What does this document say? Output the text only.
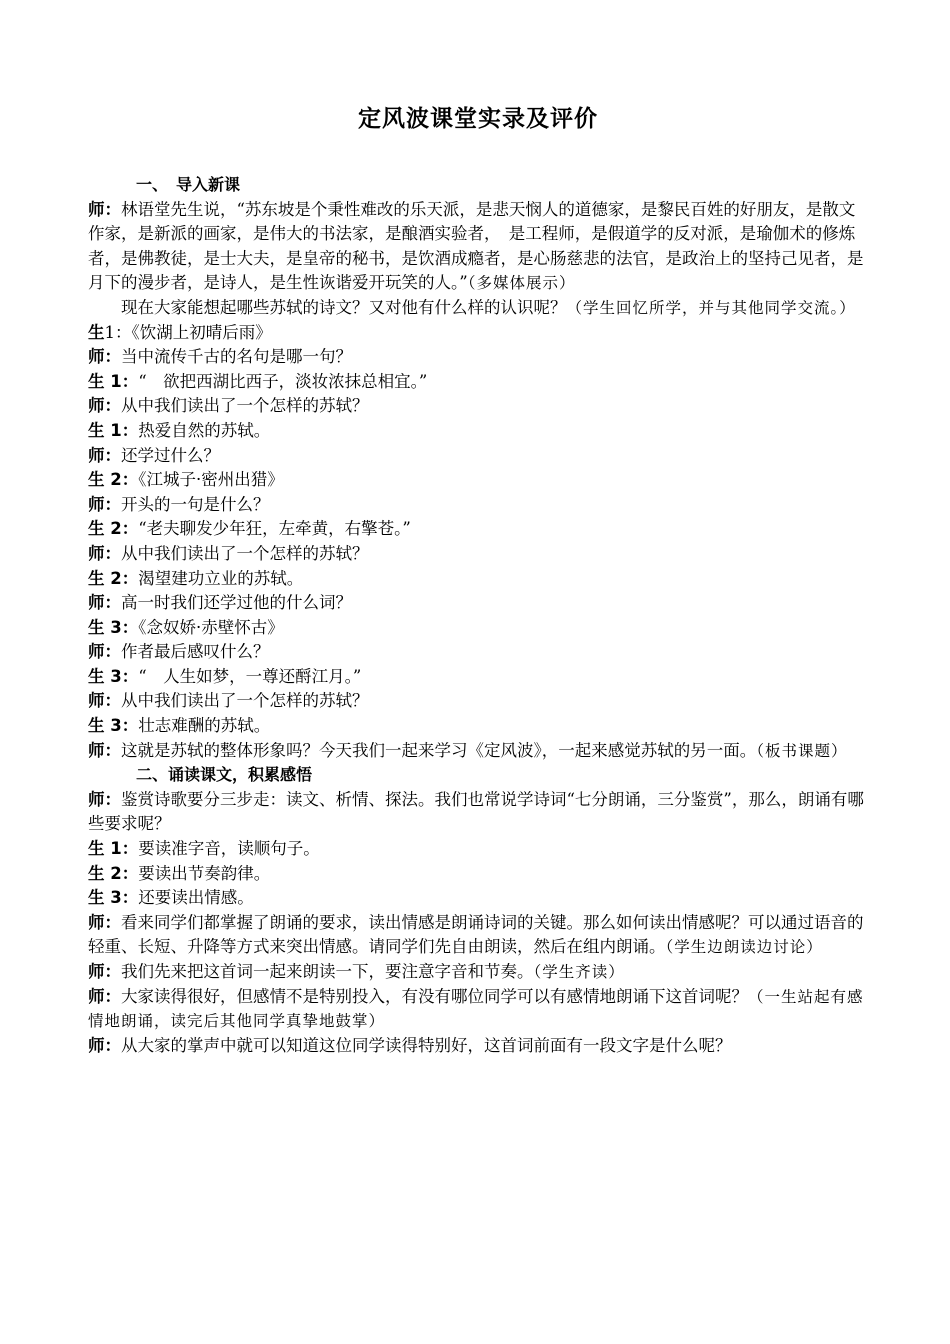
定风波课堂实录及评价

一、　导入新课

师：林语堂先生说，“苏东坡是个秉性难改的乐天派，是悲天悯人的道德家，是黎民百姓的好朋友，是散文作家，是新派的画家，是伟大的书法家，是酿酒实验者，　是工程师，是假道学的反对派，是瑜伽术的修炼者，是佛教徒，是士大夫，是皇帝的秘书，是饮酒成瘾者，是心肠慈悲的法官，是政治上的坚持己见者，是月下的漫步者，是诗人，是生性诙谐爱开玩笑的人。”（多媒体展示）

现在大家能想起哪些苏轼的诗文？又对他有什么样的认识呢？（学生回忆所学，并与其他同学交流。）

生1：《饮湖上初晴后雨》

师：当中流传千古的名句是哪一句？

生 1：“　欲把西湖比西子，淡妆浓抹总相宜。”

师：从中我们读出了一个怎样的苏轼？

生 1：热爱自然的苏轼。

师：还学过什么？

生 2：《江城子·密州出猎》

师：开头的一句是什么？

生 2：“老夫聊发少年狂，左牵黄，右擎苍。”

师：从中我们读出了一个怎样的苏轼？

生 2：渴望建功立业的苏轼。

师：高一时我们还学过他的什么词？

生 3：《念奴娇·赤壁怀古》

师：作者最后感叹什么？

生 3：“　人生如梦，一尊还酹江月。”

师：从中我们读出了一个怎样的苏轼？

生 3：壮志难酬的苏轼。

师：这就是苏轼的整体形象吗？今天我们一起来学习《定风波》，一起来感觉苏轼的另一面。（板书课题）

二、诵读课文，积累感悟

师：鉴赏诗歌要分三步走：读文、析情、探法。我们也常说学诗词“七分朗诵，三分鉴赏”，那么，朗诵有哪些要求呢？

生 1：要读准字音，读顺句子。

生 2：要读出节奏韵律。

生 3：还要读出情感。

师：看来同学们都掌握了朗诵的要求，读出情感是朗诵诗词的关键。那么如何读出情感呢？可以通过语音的轻重、长短、升降等方式来突出情感。请同学们先自由朗读，然后在组内朗诵。（学生边朗读边讨论）

师：我们先来把这首词一起来朗读一下，要注意字音和节奏。（学生齐读）

师：大家读得很好，但感情不是特别投入，有没有哪位同学可以有感情地朗诵下这首词呢？（一生站起有感情地朗诵，读完后其他同学真挚地鼓掌）

师：从大家的掌声中就可以知道这位同学读得特别好，这首词前面有一段文字是什么呢？
